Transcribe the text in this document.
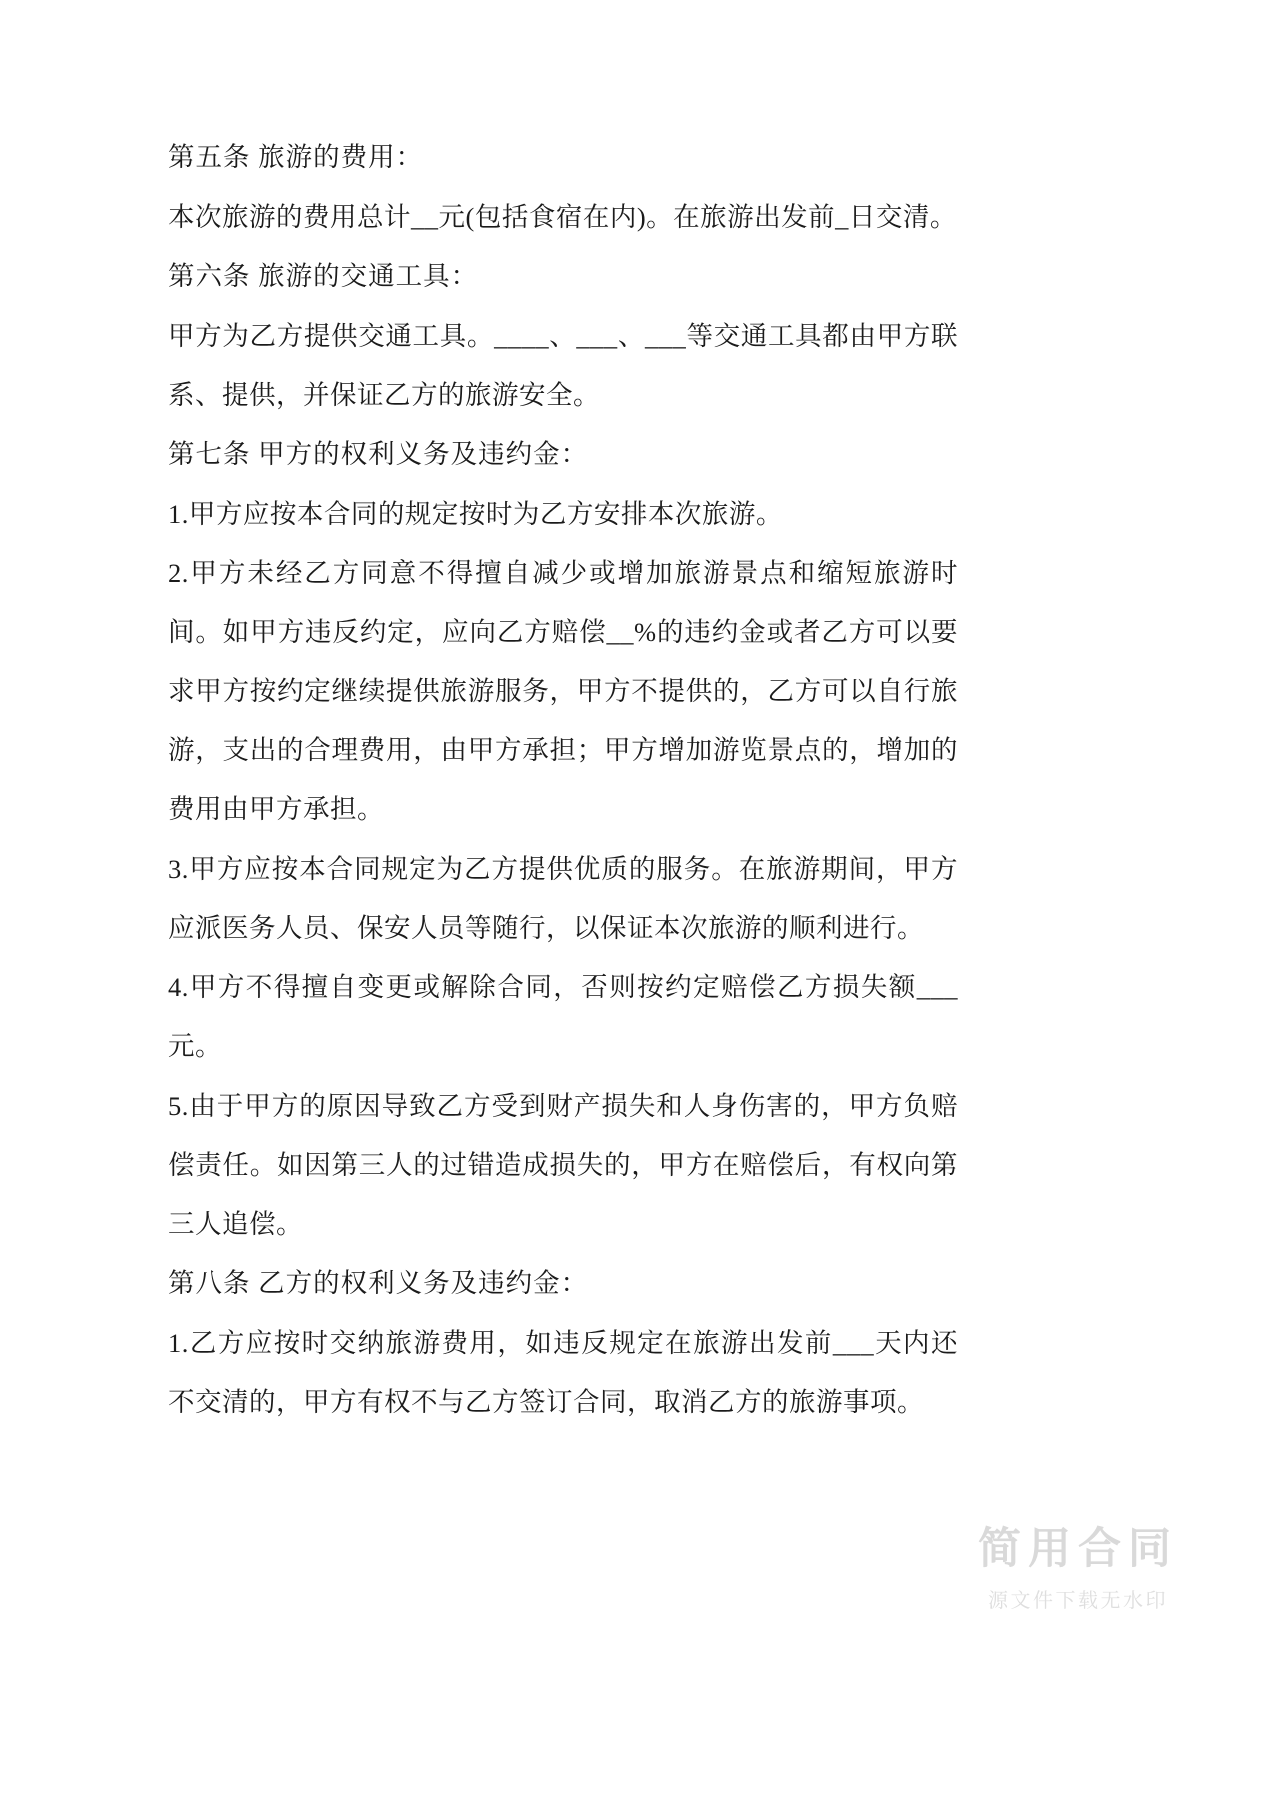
第五条 旅游的费用：

本次旅游的费用总计__元(包括食宿在内)。在旅游出发前_日交清。

第六条 旅游的交通工具：

甲方为乙方提供交通工具。____、___、___等交通工具都由甲方联系、提供，并保证乙方的旅游安全。

第七条 甲方的权利义务及违约金：

1.甲方应按本合同的规定按时为乙方安排本次旅游。

2.甲方未经乙方同意不得擅自减少或增加旅游景点和缩短旅游时间。如甲方违反约定，应向乙方赔偿__%的违约金或者乙方可以要求甲方按约定继续提供旅游服务，甲方不提供的，乙方可以自行旅游，支出的合理费用，由甲方承担；甲方增加游览景点的，增加的费用由甲方承担。

3.甲方应按本合同规定为乙方提供优质的服务。在旅游期间，甲方应派医务人员、保安人员等随行，以保证本次旅游的顺利进行。

4.甲方不得擅自变更或解除合同，否则按约定赔偿乙方损失额___元。

5.由于甲方的原因导致乙方受到财产损失和人身伤害的，甲方负赔偿责任。如因第三人的过错造成损失的，甲方在赔偿后，有权向第三人追偿。

第八条 乙方的权利义务及违约金：

1.乙方应按时交纳旅游费用，如违反规定在旅游出发前___天内还不交清的，甲方有权不与乙方签订合同，取消乙方的旅游事项。

简用合同
源文件下载无水印
